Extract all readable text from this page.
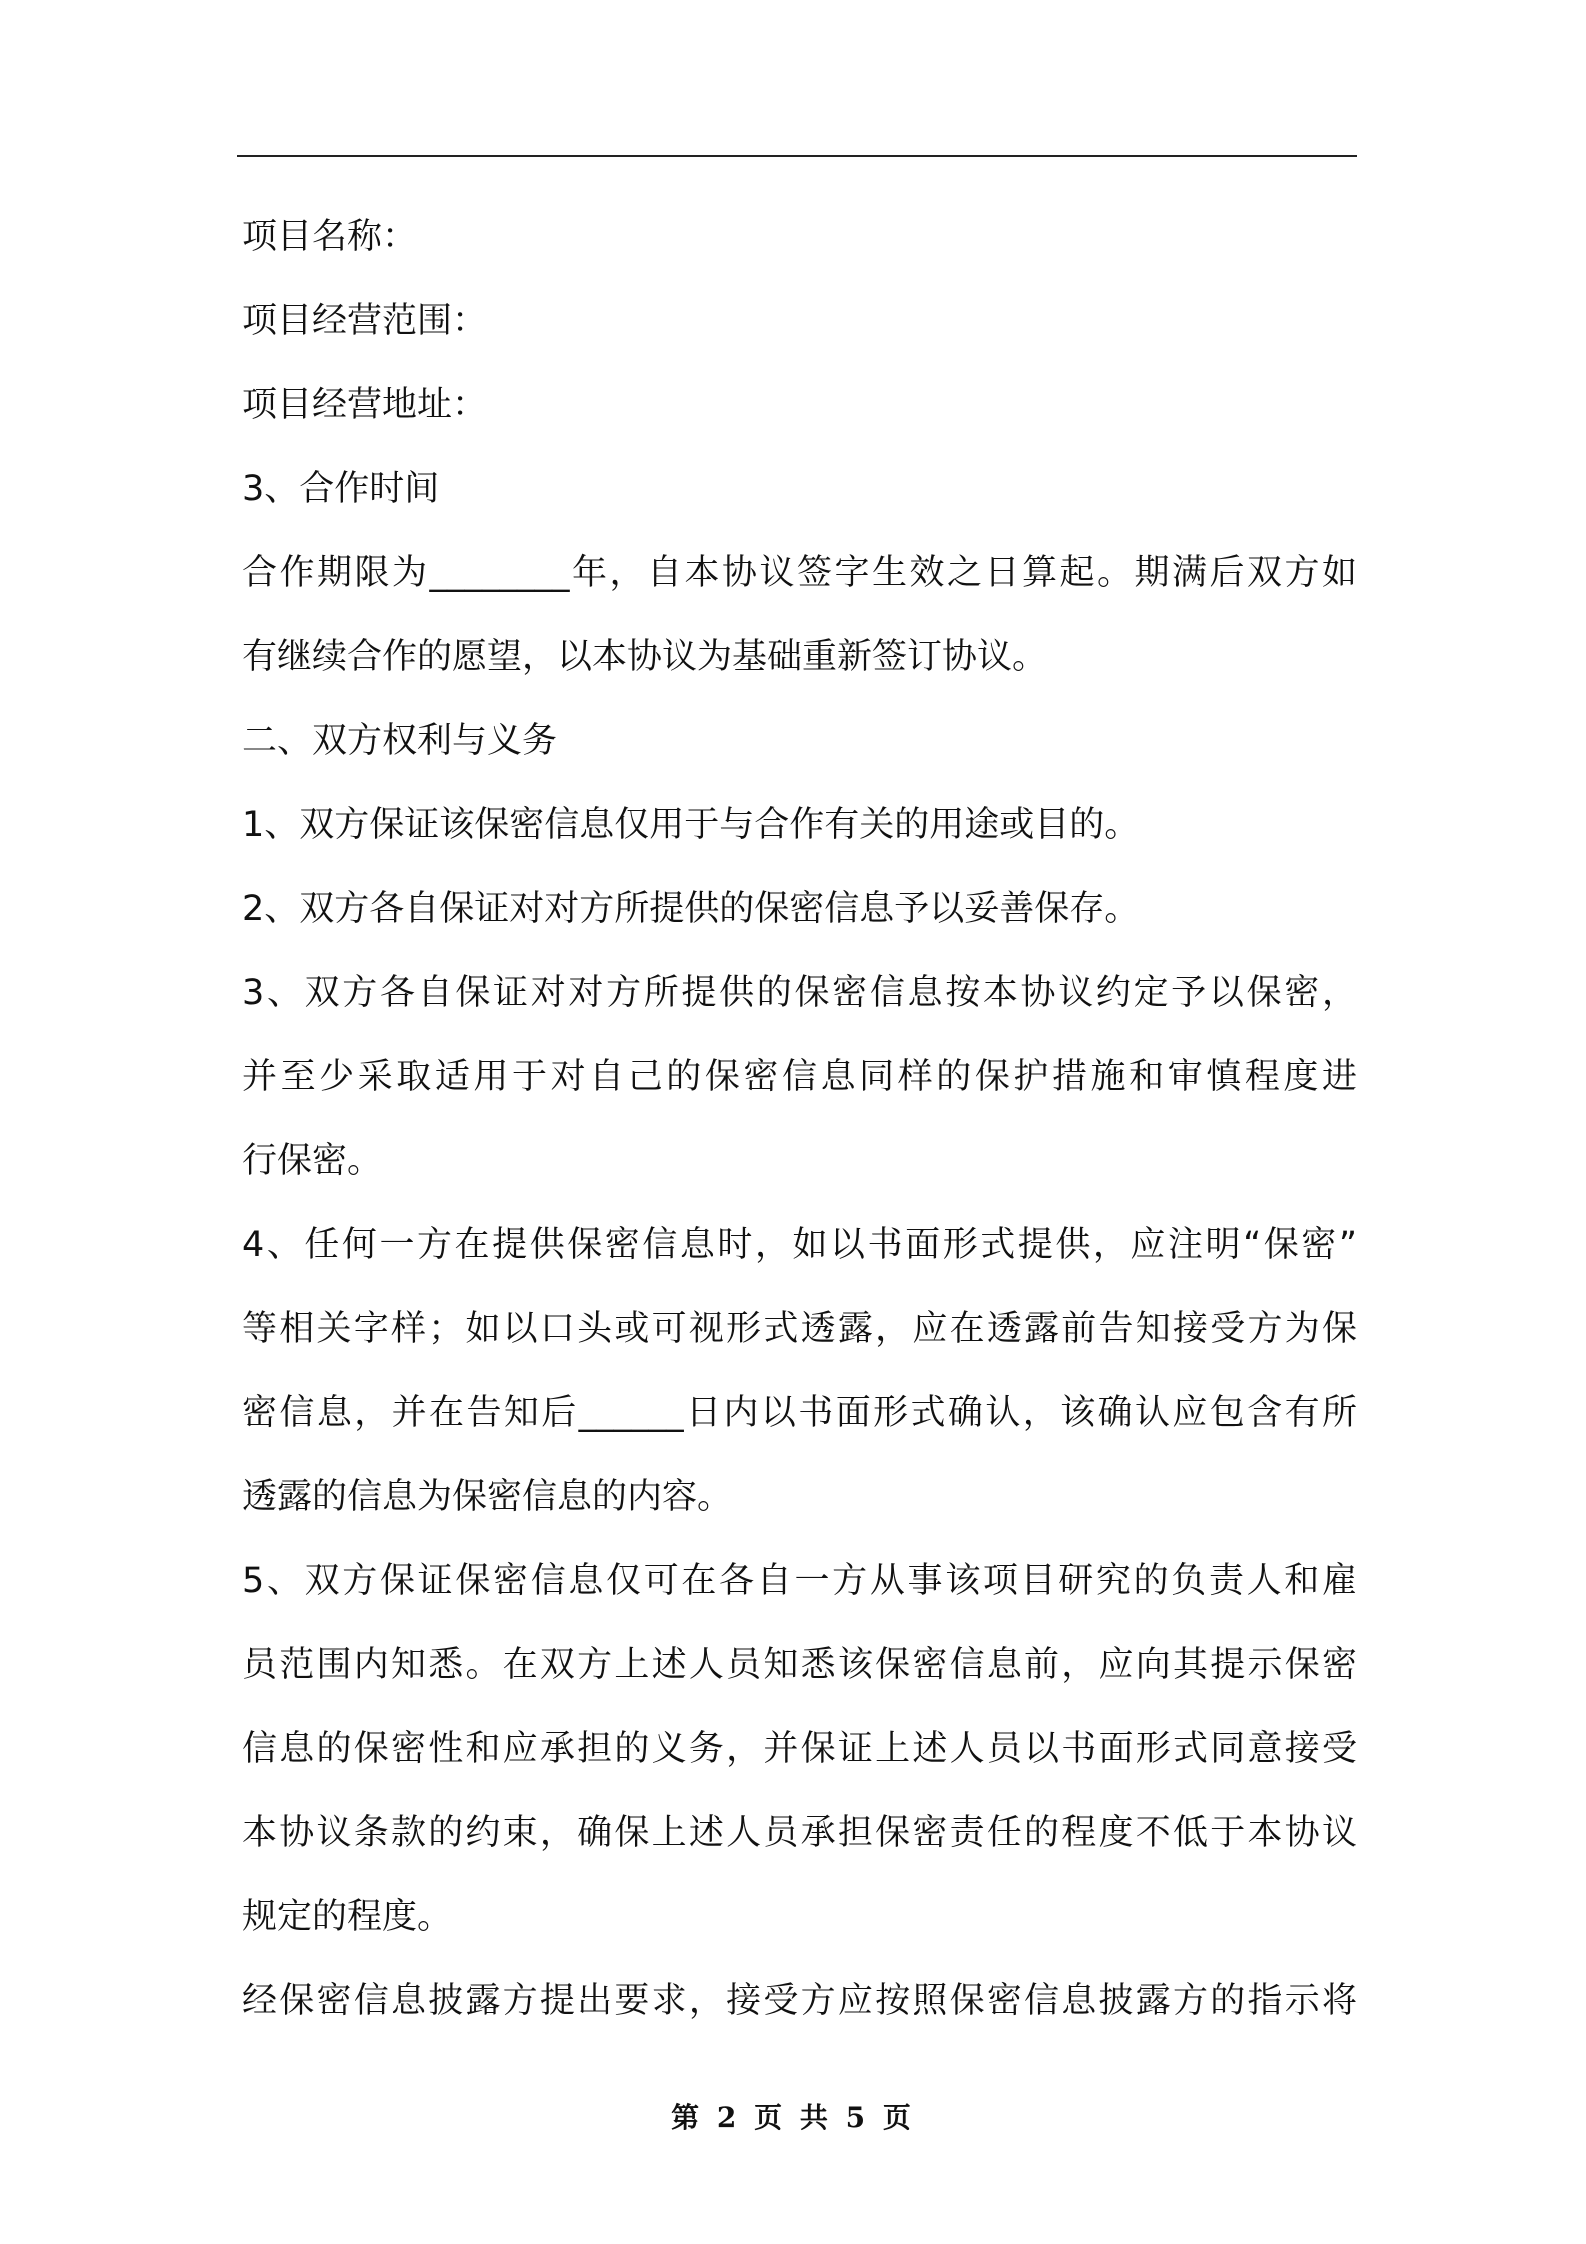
项目名称：
项目经营范围：
项目经营地址：
3、合作时间
合作期限为________年，自本协议签字生效之日算起。期满后双方如
有继续合作的愿望，以本协议为基础重新签订协议。
二、双方权利与义务
1、双方保证该保密信息仅用于与合作有关的用途或目的。
2、双方各自保证对对方所提供的保密信息予以妥善保存。
3、双方各自保证对对方所提供的保密信息按本协议约定予以保密，
并至少采取适用于对自己的保密信息同样的保护措施和审慎程度进
行保密。
4、任何一方在提供保密信息时，如以书面形式提供，应注明“保密”
等相关字样；如以口头或可视形式透露，应在透露前告知接受方为保
密信息，并在告知后______日内以书面形式确认，该确认应包含有所
透露的信息为保密信息的内容。
5、双方保证保密信息仅可在各自一方从事该项目研究的负责人和雇
员范围内知悉。在双方上述人员知悉该保密信息前，应向其提示保密
信息的保密性和应承担的义务，并保证上述人员以书面形式同意接受
本协议条款的约束，确保上述人员承担保密责任的程度不低于本协议
规定的程度。
经保密信息披露方提出要求，接受方应按照保密信息披露方的指示将
第 2 页 共 5 页
